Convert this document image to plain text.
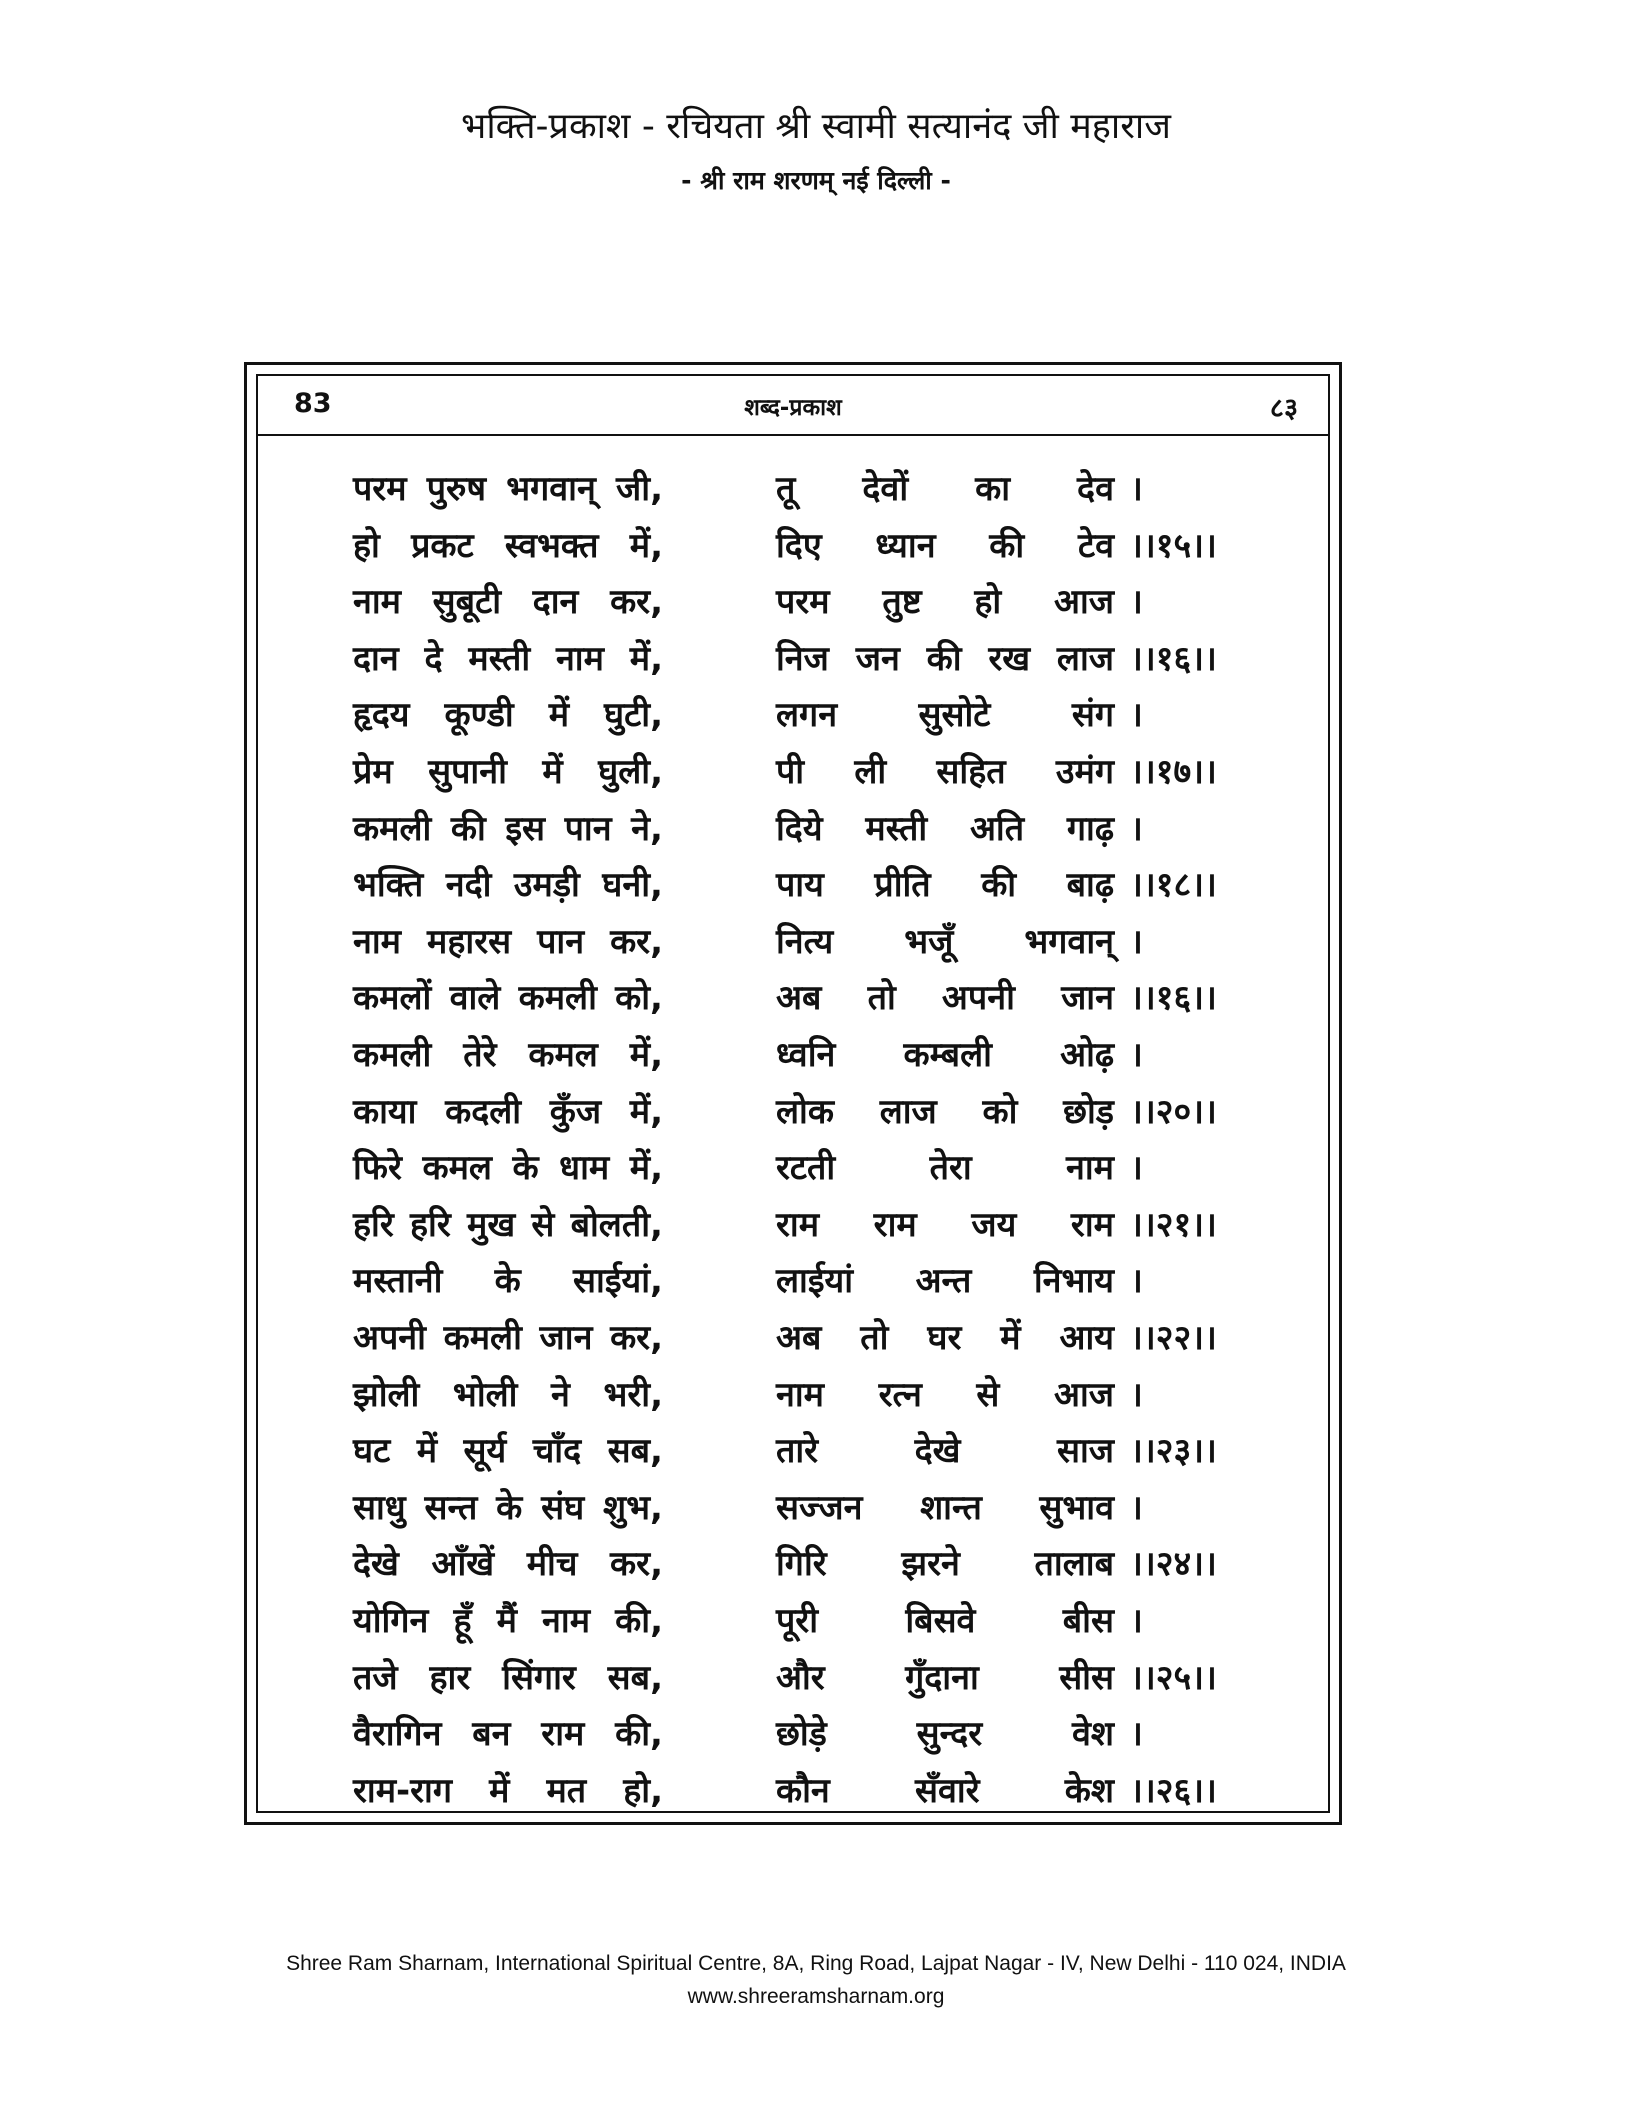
भक्ति-प्रकाश - रचियता श्री स्वामी सत्यानंद जी महाराज
- श्री राम शरणम् नई दिल्ली -
83	शब्द-प्रकाश	८३
परम पुरुष भगवान् जी,	तू देवों का देव ।
हो प्रकट स्वभक्त में,	दिए ध्यान की टेव ।।१५।।
नाम सुबूटी दान कर,	परम तुष्ट हो आज ।
दान दे मस्ती नाम में,	निज जन की रख लाज ।।१६।।
हृदय कूण्डी में घुटी,	लगन सुसोटे संग ।
प्रेम सुपानी में घुली,	पी ली सहित उमंग ।।१७।।
कमली की इस पान ने,	दिये मस्ती अति गाढ़ ।
भक्ति नदी उमड़ी घनी,	पाय प्रीति की बाढ़ ।।१८।।
नाम महारस पान कर,	नित्य भजूँ भगवान् ।
कमलों वाले कमली को,	अब तो अपनी जान ।।१६।।
कमली तेरे कमल में,	ध्वनि कम्बली ओढ़ ।
काया कदली कुँज में,	लोक लाज को छोड़ ।।२०।।
फिरे कमल के धाम में,	रटती	तेरा	नाम ।
हरि हरि मुख से बोलती,	राम राम जय राम ।।२१।।
मस्तानी के साईयां,	लाईयां अन्त निभाय ।
अपनी कमली जान कर,	अब तो घर में आय ।।२२।।
झोली भोली ने भरी,	नाम रत्न से आज ।
घट में सूर्य चाँद सब,	तारे	देखे	साज ।।२३।।
साधु सन्त के संघ शुभ,	सज्जन शान्त सुभाव ।
देखे आँखें मीच कर,	गिरि झरने तालाब ।।२४।।
योगिन हूँ मैं नाम की,	पूरी	बिसवे	बीस ।
तजे हार सिंगार सब,	और गुँदाना सीस ।।२५।।
वैरागिन बन राम की,	छोड़े	सुन्दर	वेश ।
राम-राग में मत हो,	कौन	सँवारे	केश ।।२६।।
Shree Ram Sharnam, International Spiritual Centre, 8A, Ring Road, Lajpat Nagar - IV, New Delhi - 110 024, INDIA
www.shreeramsharnam.org
